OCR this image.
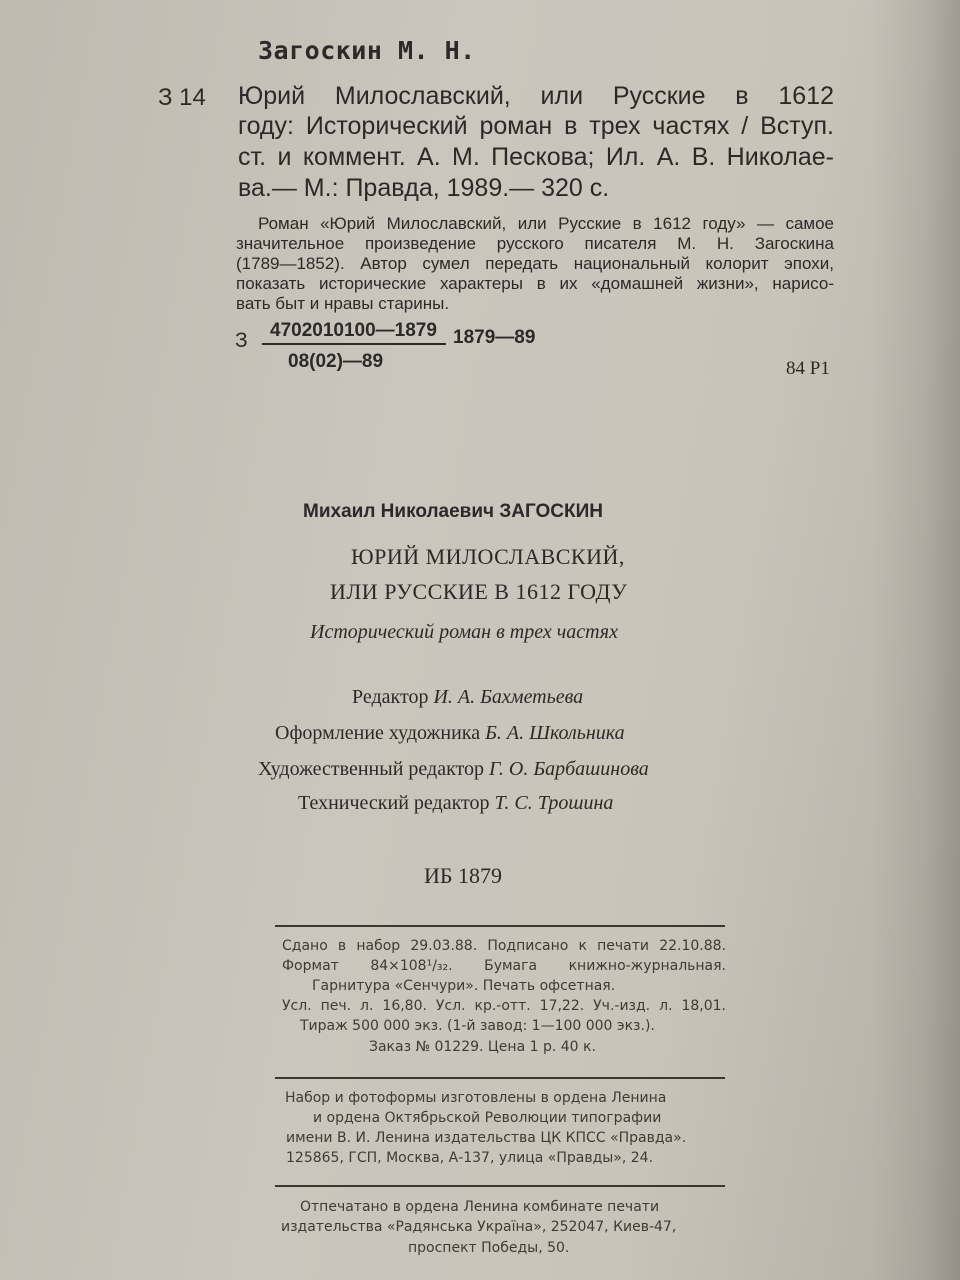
Загоскин М. Н.
З 14 Юрий Милославский, или Русские в 1612
году: Исторический роман в трех частях / Вступ.
ст. и коммент. А. М. Пескова; Ил. А. В. Николае-
ва.— М.: Правда, 1989.— 320 с.
Роман «Юрий Милославский, или Русские в 1612 году» — самое
значительное произведение русского писателя М. Н. Загоскина
(1789—1852). Автор сумел передать национальный колорит эпохи,
показать исторические характеры в их «домашней жизни», нарисо-
вать быт и нравы старины.
З 4702010100—1879 1879—89
08(02)—89	84 Р1
Михаил Николаевич ЗАГОСКИН
ЮРИЙ МИЛОСЛАВСКИЙ,
ИЛИ РУССКИЕ В 1612 ГОДУ
Исторический роман в трех частях
Редактор И. А. Бахметьева
Оформление художника Б. А. Школьника
Художественный редактор Г. О. Барбашинова
Технический редактор Т. С. Трошина
ИБ 1879
Сдано в набор 29.03.88. Подписано к печати 22.10.88.
Формат 84×108¹/₃₂. Бумага книжно-журнальная.
Гарнитура «Сенчури». Печать офсетная.
Усл. печ. л. 16,80. Усл. кр.-отт. 17,22. Уч.-изд. л. 18,01.
Тираж 500 000 экз. (1-й завод: 1—100 000 экз.).
Заказ № 01229. Цена 1 р. 40 к.
Набор и фотоформы изготовлены в ордена Ленина
и ордена Октябрьской Революции типографии
имени В. И. Ленина издательства ЦК КПСС «Правда».
125865, ГСП, Москва, А-137, улица «Правды», 24.
Отпечатано в ордена Ленина комбинате печати
издательства «Радянська Україна», 252047, Киев-47,
проспект Победы, 50.
